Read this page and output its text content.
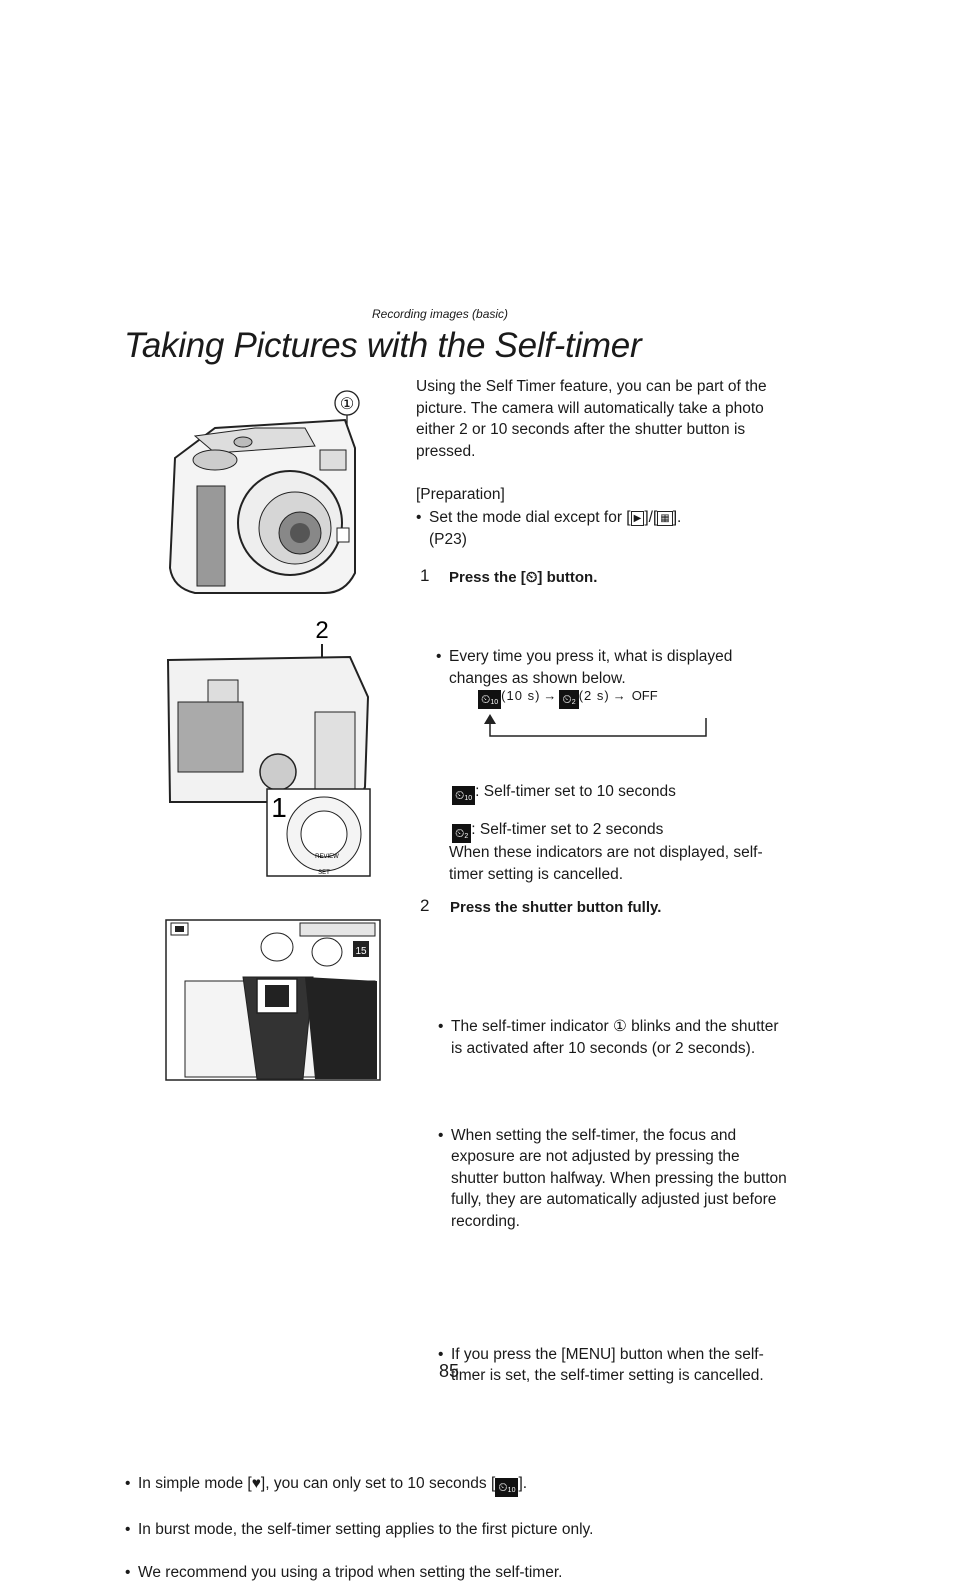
Recording images (basic)
Taking Pictures with the Self-timer
①
2
1
REVIEW
SET
15
Using the Self Timer feature, you can be part of the picture. The camera will automatically take a photo either 2 or 10 seconds after the shutter button is pressed.
[Preparation]
• Set the mode dial except for [ ▶ ]/[ ▦ ].
(P23)
1 Press the [⏲] button.
• Every time you press it, what is displayed changes as shown below.
$⏲_{10}$ (10 $s) \to ⏲_2$ (2 s) → OFF
$⏲_{10}$ : Self-timer set to 10 seconds
$⏲_2$ : Self-timer set to 2 seconds
When these indicators are not displayed, self-timer setting is cancelled.
2 Press the shutter button fully.
• The self-timer indicator ① blinks and the shutter is activated after 10 seconds (or 2 seconds).
• When setting the self-timer, the focus and exposure are not adjusted by pressing the shutter button halfway. When pressing the button fully, they are automatically adjusted just before recording.
• If you press the [MENU] button when the self-timer is set, the self-timer setting is cancelled.
• In simple mode [♥], you can only set to 10 seconds [ $⏲_{10}$ ].
• In burst mode, the self-timer setting applies to the first picture only.
• We recommend you using a tripod when setting the self-timer.
85
